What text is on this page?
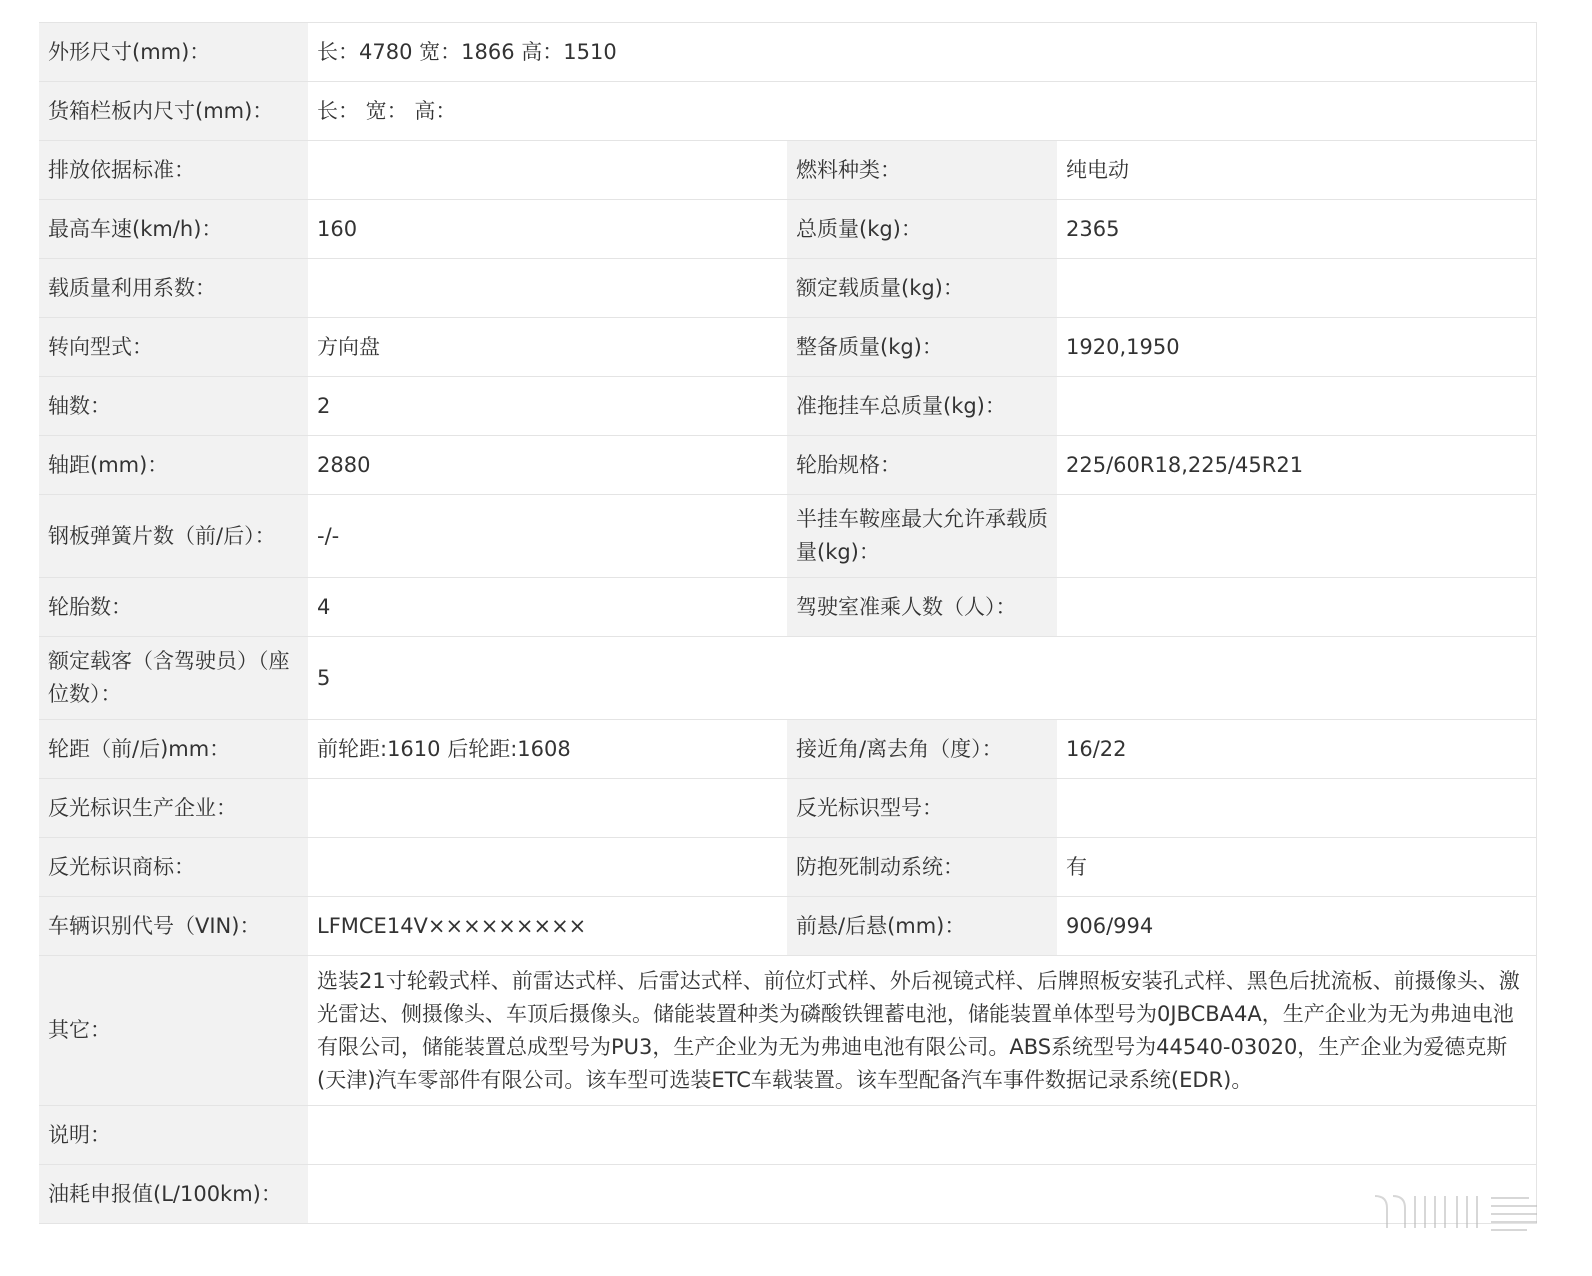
外形尺寸(mm)：	长：4780 宽：1866 高：1510		
货箱栏板内尺寸(mm)：	长： 宽： 高：		
排放依据标准：		燃料种类：	纯电动
最高车速(km/h)：	160	总质量(kg)：	2365
载质量利用系数：		额定载质量(kg)：	
转向型式：	方向盘	整备质量(kg)：	1920,1950
轴数：	2	准拖挂车总质量(kg)：	
轴距(mm)：	2880	轮胎规格：	225/60R18,225/45R21
钢板弹簧片数（前/后）：	-/-	半挂车鞍座最大允许承载质量(kg)：	
轮胎数：	4	驾驶室准乘人数（人）：	
额定载客（含驾驶员）（座位数）：	5		
轮距（前/后)mm：	前轮距:1610 后轮距:1608	接近角/离去角（度）：	16/22
反光标识生产企业：		反光标识型号：	
反光标识商标：		防抱死制动系统：	有
车辆识别代号（VIN)：	LFMCE14V×××××××××	前悬/后悬(mm)：	906/994
其它：	选装21寸轮毂式样、前雷达式样、后雷达式样、前位灯式样、外后视镜式样、后牌照板安装孔式样、黑色后扰流板、前摄像头、激光雷达、侧摄像头、车顶后摄像头。储能装置种类为磷酸铁锂蓄电池，储能装置单体型号为0JBCBA4A，生产企业为无为弗迪电池有限公司，储能装置总成型号为PU3，生产企业为无为弗迪电池有限公司。ABS系统型号为44540-03020，生产企业为爱德克斯(天津)汽车零部件有限公司。该车型可选装ETC车载装置。该车型配备汽车事件数据记录系统(EDR)。		
说明：			
油耗申报值(L/100km)：			
